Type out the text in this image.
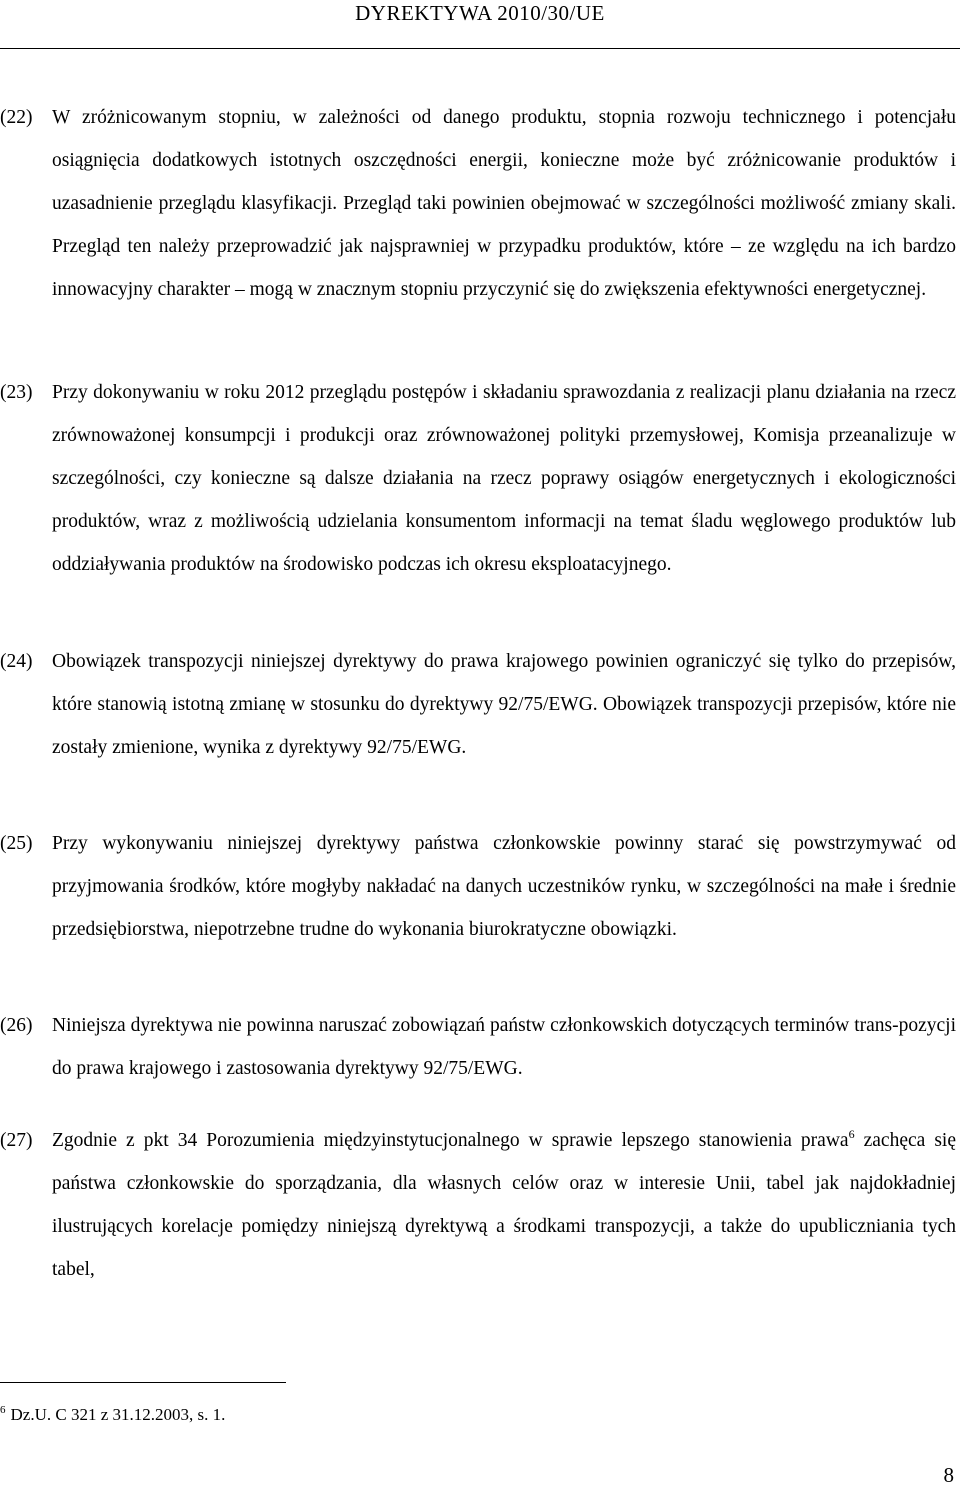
DYREKTYWA 2010/30/UE
(22) W zróżnicowanym stopniu, w zależności od danego produktu, stopnia rozwoju technicznego i potencjału osiągnięcia dodatkowych istotnych oszczędności energii, konieczne może być zróżnicowanie produktów i uzasadnienie przeglądu klasyfikacji. Przegląd taki powinien obejmować w szczególności możliwość zmiany skali. Przegląd ten należy przeprowadzić jak najsprawniej w przypadku produktów, które – ze względu na ich bardzo innowacyjny charakter – mogą w znacznym stopniu przyczynić się do zwiększenia efektywności energetycznej.
(23) Przy dokonywaniu w roku 2012 przeglądu postępów i składaniu sprawozdania z realizacji planu działania na rzecz zrównoważonej konsumpcji i produkcji oraz zrównoważonej polityki przemysłowej, Komisja przeanalizuje w szczególności, czy konieczne są dalsze działania na rzecz poprawy osiągów energetycznych i ekologiczności produktów, wraz z możliwością udzielania konsumentom informacji na temat śladu węglowego produktów lub oddziaływania produktów na środowisko podczas ich okresu eksploatacyjnego.
(24) Obowiązek transpozycji niniejszej dyrektywy do prawa krajowego powinien ograniczyć się tylko do przepisów, które stanowią istotną zmianę w stosunku do dyrektywy 92/75/EWG. Obowiązek transpozycji przepisów, które nie zostały zmienione, wynika z dyrektywy 92/75/EWG.
(25) Przy wykonywaniu niniejszej dyrektywy państwa członkowskie powinny starać się powstrzymywać od przyjmowania środków, które mogłyby nakładać na danych uczestników rynku, w szczególności na małe i średnie przedsiębiorstwa, niepotrzebne trudne do wykonania biurokratyczne obowiązki.
(26) Niniejsza dyrektywa nie powinna naruszać zobowiązań państw członkowskich dotyczących terminów trans-pozycji do prawa krajowego i zastosowania dyrektywy 92/75/EWG.
(27) Zgodnie z pkt 34 Porozumienia międzyinstytucjonalnego w sprawie lepszego stanowienia prawa$^6$ zachęca się państwa członkowskie do sporządzania, dla własnych celów oraz w interesie Unii, tabel jak najdokładniej ilustrujących korelacje pomiędzy niniejszą dyrektywą a środkami transpozycji, a także do upubliczniania tych tabel,
$^6$ Dz.U. C 321 z 31.12.2003, s. 1.
8
